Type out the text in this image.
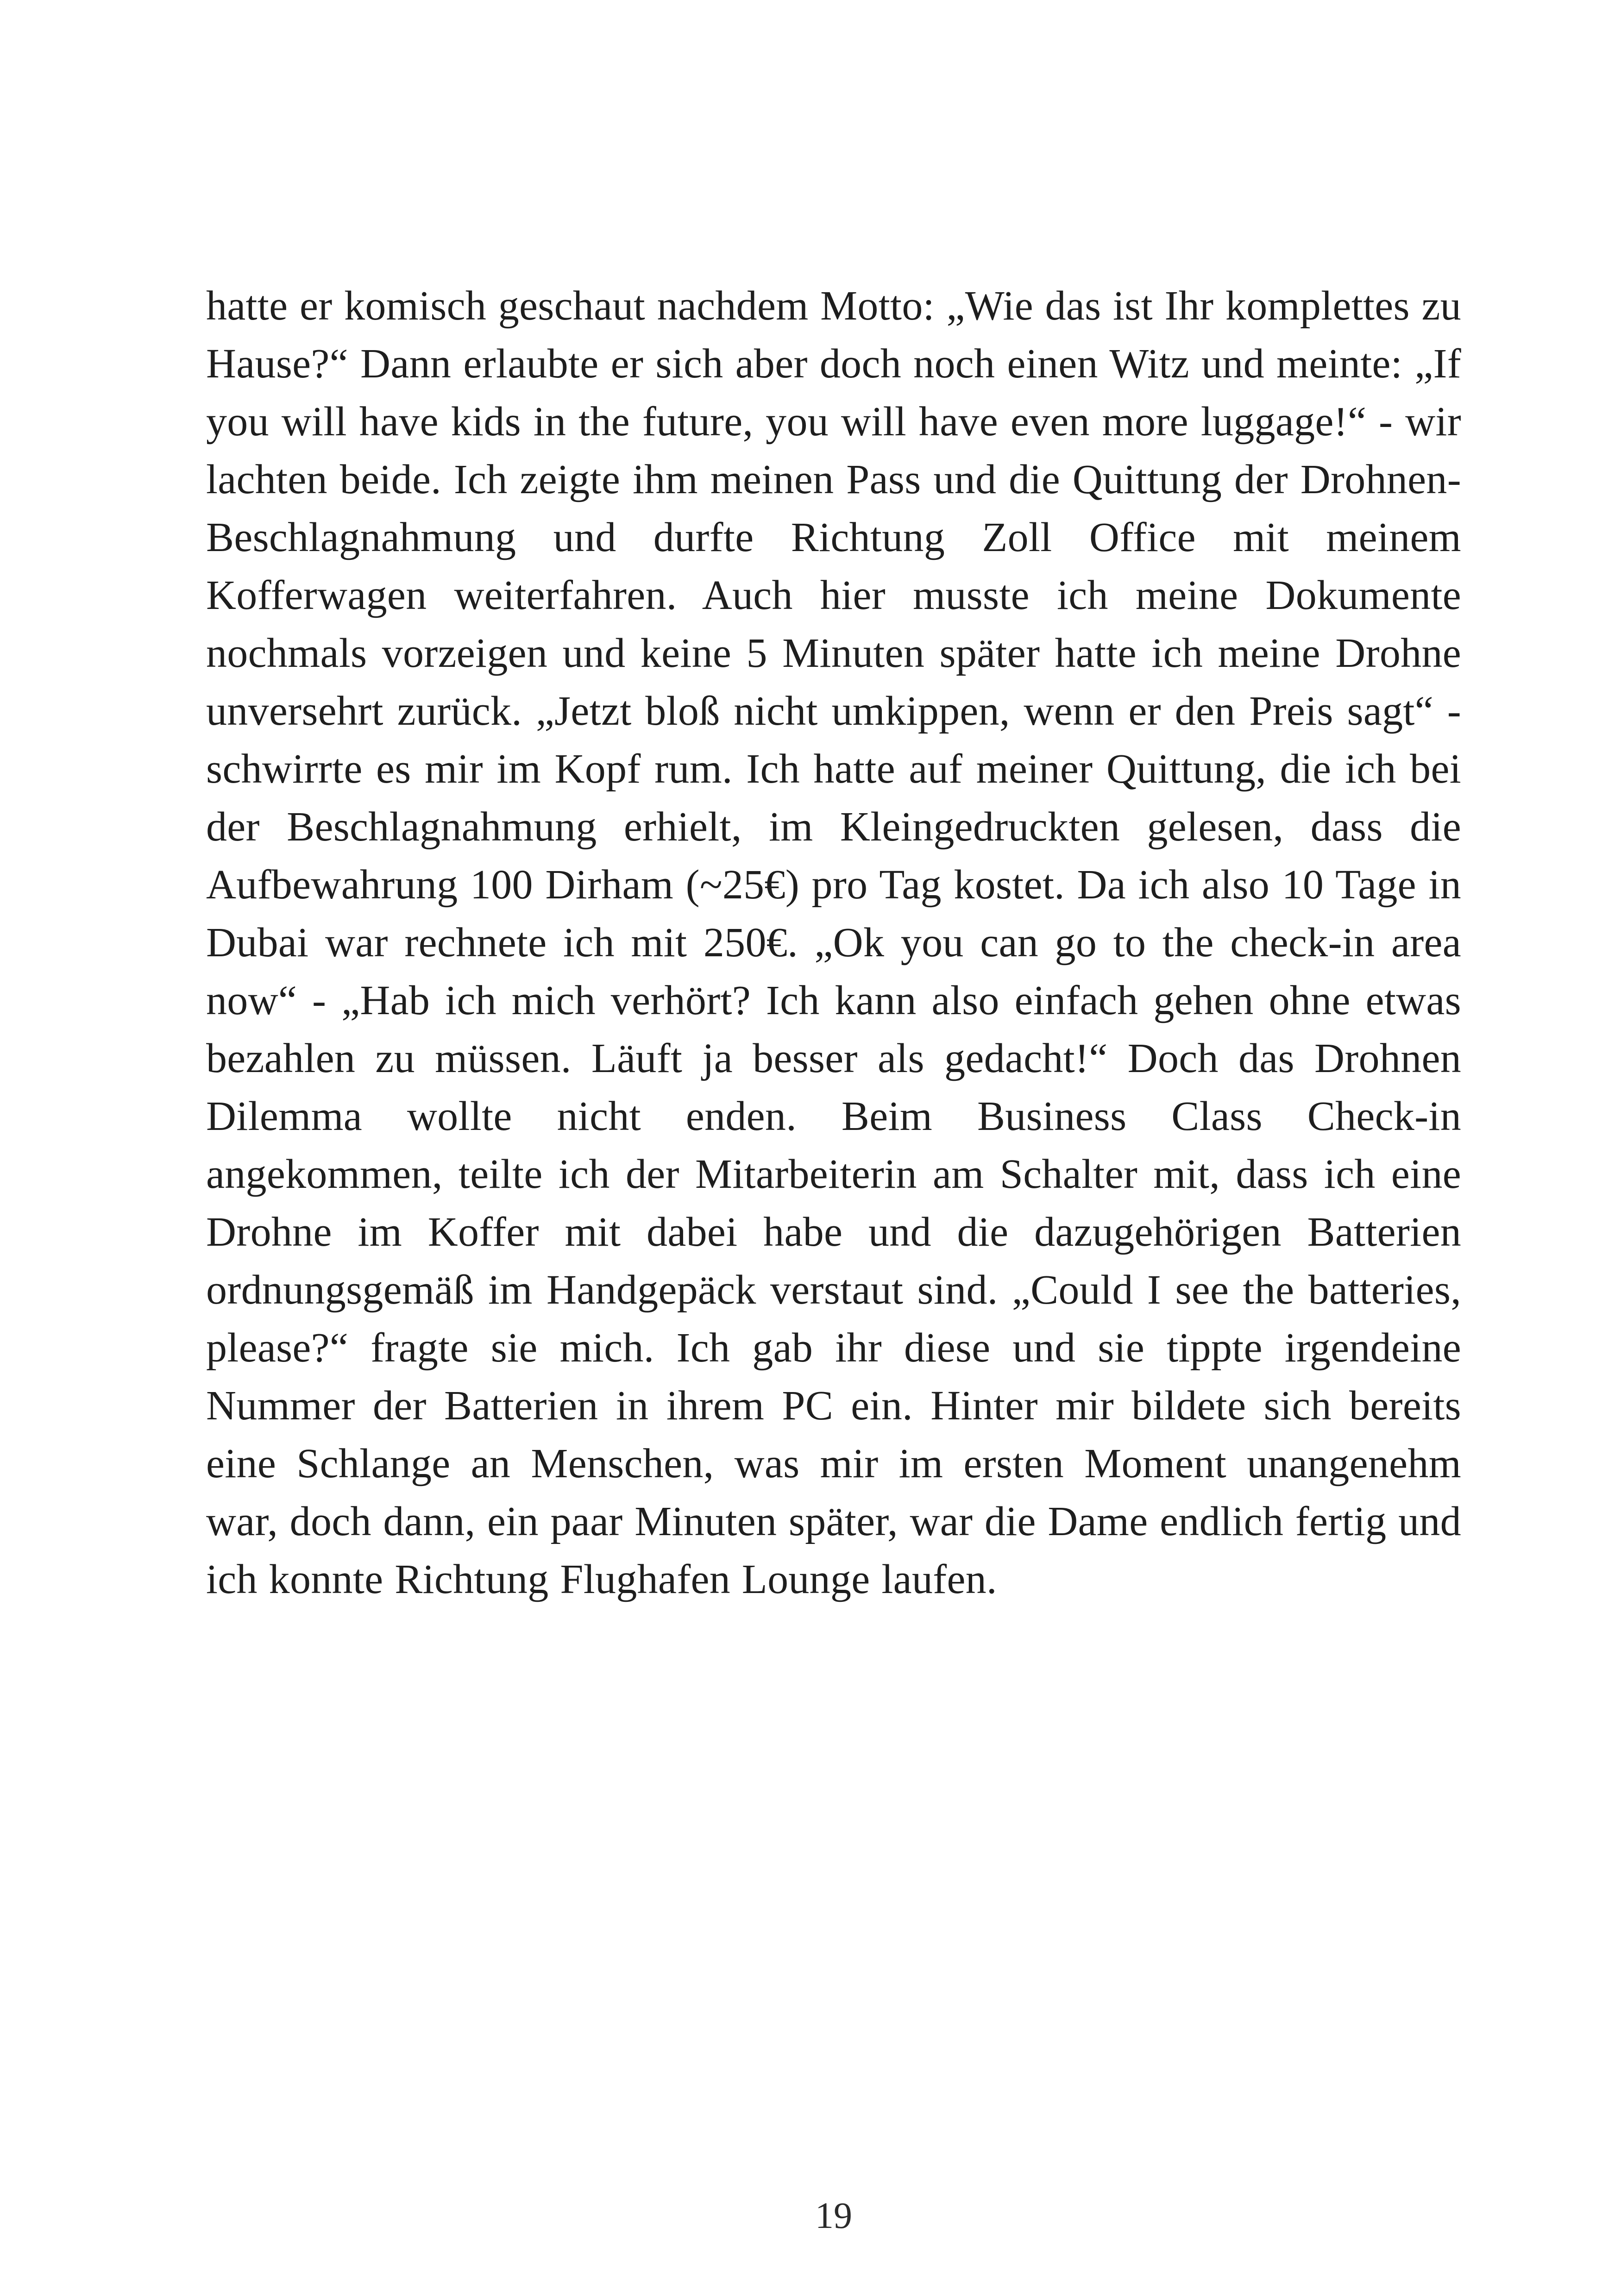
hatte er komisch geschaut nachdem Motto: „Wie das ist Ihr komplettes zu Hause?“ Dann erlaubte er sich aber doch noch einen Witz und meinte: „If you will have kids in the future, you will have even more luggage!“ - wir lachten beide. Ich zeigte ihm meinen Pass und die Quittung der Drohnen-Beschlagnahmung und durfte Richtung Zoll Office mit meinem Kofferwagen weiterfahren. Auch hier musste ich meine Dokumente nochmals vorzeigen und keine 5 Minuten später hatte ich meine Drohne unversehrt zurück. „Jetzt bloß nicht umkippen, wenn er den Preis sagt“ - schwirrte es mir im Kopf rum. Ich hatte auf meiner Quittung, die ich bei der Beschlagnahmung erhielt, im Kleingedruckten gelesen, dass die Aufbewahrung 100 Dirham (~25€) pro Tag kostet. Da ich also 10 Tage in Dubai war rechnete ich mit 250€. „Ok you can go to the check-in area now“ - „Hab ich mich verhört? Ich kann also einfach gehen ohne etwas bezahlen zu müssen. Läuft ja besser als gedacht!“ Doch das Drohnen Dilemma wollte nicht enden. Beim Business Class Check-in angekommen, teilte ich der Mitarbeiterin am Schalter mit, dass ich eine Drohne im Koffer mit dabei habe und die dazugehörigen Batterien ordnungsgemäß im Handgepäck verstaut sind. „Could I see the batteries, please?“ fragte sie mich. Ich gab ihr diese und sie tippte irgendeine Nummer der Batterien in ihrem PC ein. Hinter mir bildete sich bereits eine Schlange an Menschen, was mir im ersten Moment unangenehm war, doch dann, ein paar Minuten später, war die Dame endlich fertig und ich konnte Richtung Flughafen Lounge laufen.
19
